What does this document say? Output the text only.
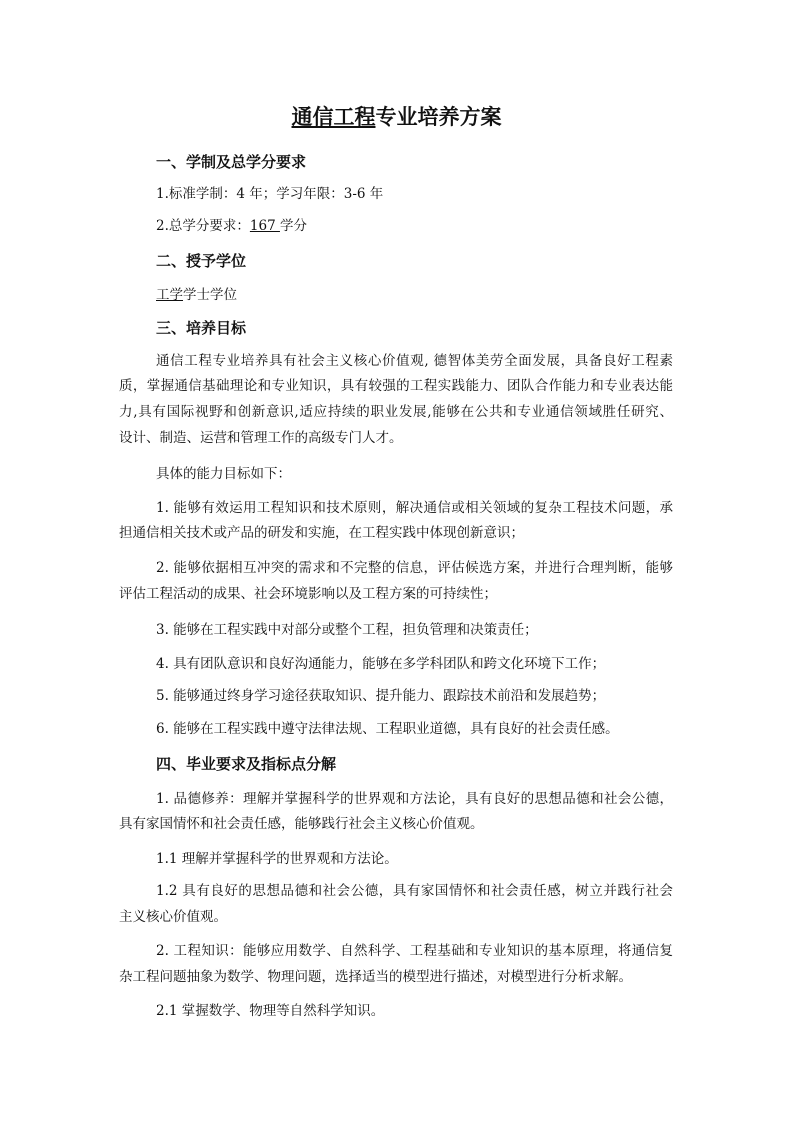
通信工程专业培养方案
一、学制及总学分要求
1.标准学制：4 年；学习年限：3-6 年
2.总学分要求：167 学分
二、授予学位
工学学士学位
三、培养目标
通信工程专业培养具有社会主义核心价值观, 德智体美劳全面发展，具备良好工程素
质，掌握通信基础理论和专业知识，具有较强的工程实践能力、团队合作能力和专业表达能
力,具有国际视野和创新意识,适应持续的职业发展,能够在公共和专业通信领域胜任研究、
设计、制造、运营和管理工作的高级专门人才。
具体的能力目标如下：
1. 能够有效运用工程知识和技术原则，解决通信或相关领域的复杂工程技术问题，承
担通信相关技术或产品的研发和实施，在工程实践中体现创新意识；
2. 能够依据相互冲突的需求和不完整的信息，评估候选方案，并进行合理判断，能够
评估工程活动的成果、社会环境影响以及工程方案的可持续性；
3. 能够在工程实践中对部分或整个工程，担负管理和决策责任；
4. 具有团队意识和良好沟通能力，能够在多学科团队和跨文化环境下工作；
5. 能够通过终身学习途径获取知识、提升能力、跟踪技术前沿和发展趋势；
6. 能够在工程实践中遵守法律法规、工程职业道德，具有良好的社会责任感。
四、毕业要求及指标点分解
1. 品德修养：理解并掌握科学的世界观和方法论，具有良好的思想品德和社会公德，
具有家国情怀和社会责任感，能够践行社会主义核心价值观。
1.1 理解并掌握科学的世界观和方法论。
1.2 具有良好的思想品德和社会公德，具有家国情怀和社会责任感，树立并践行社会
主义核心价值观。
2. 工程知识：能够应用数学、自然科学、工程基础和专业知识的基本原理，将通信复
杂工程问题抽象为数学、物理问题，选择适当的模型进行描述，对模型进行分析求解。
2.1 掌握数学、物理等自然科学知识。
